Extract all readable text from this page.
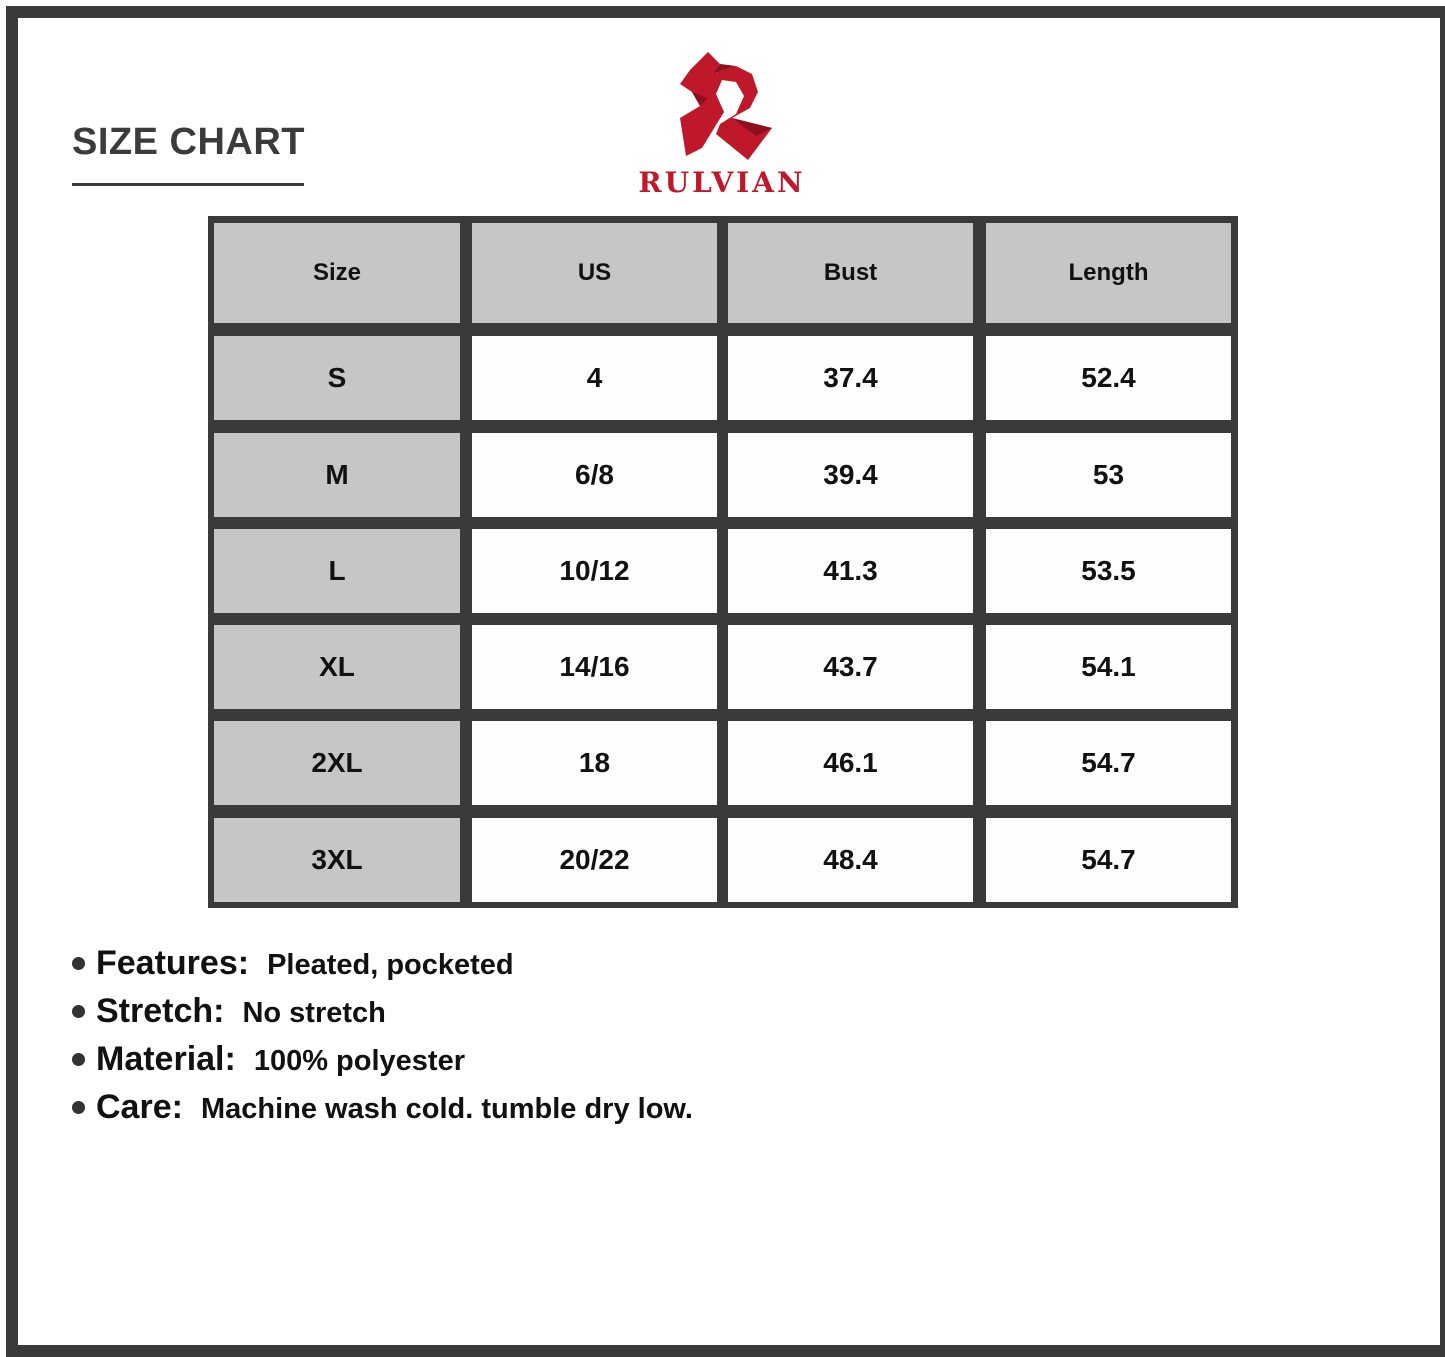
SIZE CHART
RULVIAN
Size	US	Bust	Length
S	4	37.4	52.4
M	6/8	39.4	53
L	10/12	41.3	53.5
XL	14/16	43.7	54.1
2XL	18	46.1	54.7
3XL	20/22	48.4	54.7
Features: Pleated, pocketed
Stretch: No stretch
Material: 100% polyester
Care: Machine wash cold. tumble dry low.
